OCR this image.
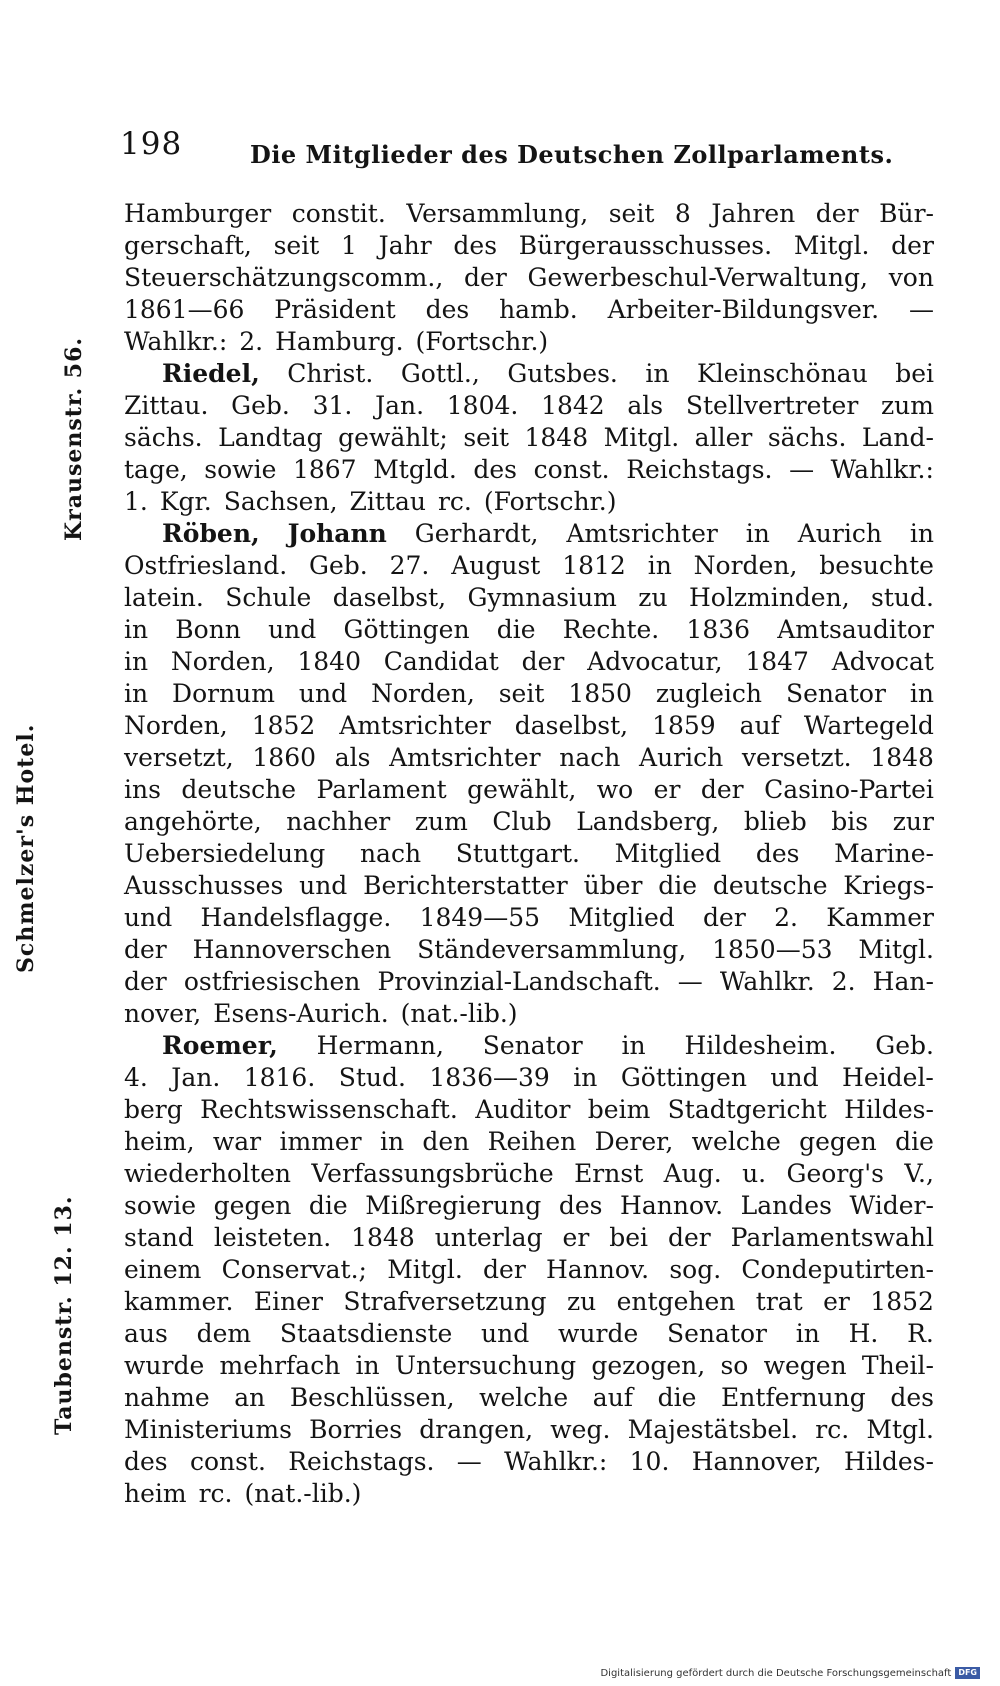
198	Die Mitglieder des Deutschen Zollparlaments.
Krausenstr. 56.
Schmelzer's Hotel.
Taubenstr. 12. 13.
Hamburger constit. Versammlung, seit 8 Jahren der Bür-
gerschaft, seit 1 Jahr des Bürgerausschusses. Mitgl. der
Steuerschätzungscomm., der Gewerbeschul-Verwaltung, von
1861—66 Präsident des hamb. Arbeiter-Bildungsver. —
Wahlkr.: 2. Hamburg. (Fortschr.)
Riedel, Christ. Gottl., Gutsbes. in Kleinschönau bei
Zittau. Geb. 31. Jan. 1804. 1842 als Stellvertreter zum
sächs. Landtag gewählt; seit 1848 Mitgl. aller sächs. Land-
tage, sowie 1867 Mtgld. des const. Reichstags. — Wahlkr.:
1. Kgr. Sachsen, Zittau rc. (Fortschr.)
Röben, Johann Gerhardt, Amtsrichter in Aurich in
Ostfriesland. Geb. 27. August 1812 in Norden, besuchte
latein. Schule daselbst, Gymnasium zu Holzminden, stud.
in Bonn und Göttingen die Rechte. 1836 Amtsauditor
in Norden, 1840 Candidat der Advocatur, 1847 Advocat
in Dornum und Norden, seit 1850 zugleich Senator in
Norden, 1852 Amtsrichter daselbst, 1859 auf Wartegeld
versetzt, 1860 als Amtsrichter nach Aurich versetzt. 1848
ins deutsche Parlament gewählt, wo er der Casino-Partei
angehörte, nachher zum Club Landsberg, blieb bis zur
Uebersiedelung nach Stuttgart. Mitglied des Marine-
Ausschusses und Berichterstatter über die deutsche Kriegs-
und Handelsflagge. 1849—55 Mitglied der 2. Kammer
der Hannoverschen Ständeversammlung, 1850—53 Mitgl.
der ostfriesischen Provinzial-Landschaft. — Wahlkr. 2. Han-
nover, Esens-Aurich. (nat.-lib.)
Roemer, Hermann, Senator in Hildesheim. Geb.
4. Jan. 1816. Stud. 1836—39 in Göttingen und Heidel-
berg Rechtswissenschaft. Auditor beim Stadtgericht Hildes-
heim, war immer in den Reihen Derer, welche gegen die
wiederholten Verfassungsbrüche Ernst Aug. u. Georg's V.,
sowie gegen die Mißregierung des Hannov. Landes Wider-
stand leisteten. 1848 unterlag er bei der Parlamentswahl
einem Conservat.; Mitgl. der Hannov. sog. Condeputirten-
kammer. Einer Strafversetzung zu entgehen trat er 1852
aus dem Staatsdienste und wurde Senator in H. R.
wurde mehrfach in Untersuchung gezogen, so wegen Theil-
nahme an Beschlüssen, welche auf die Entfernung des
Ministeriums Borries drangen, weg. Majestätsbel. rc. Mtgl.
des const. Reichstags. — Wahlkr.: 10. Hannover, Hildes-
heim rc. (nat.-lib.)
Digitalisierung gefördert durch die Deutsche Forschungsgemeinschaft DFG
